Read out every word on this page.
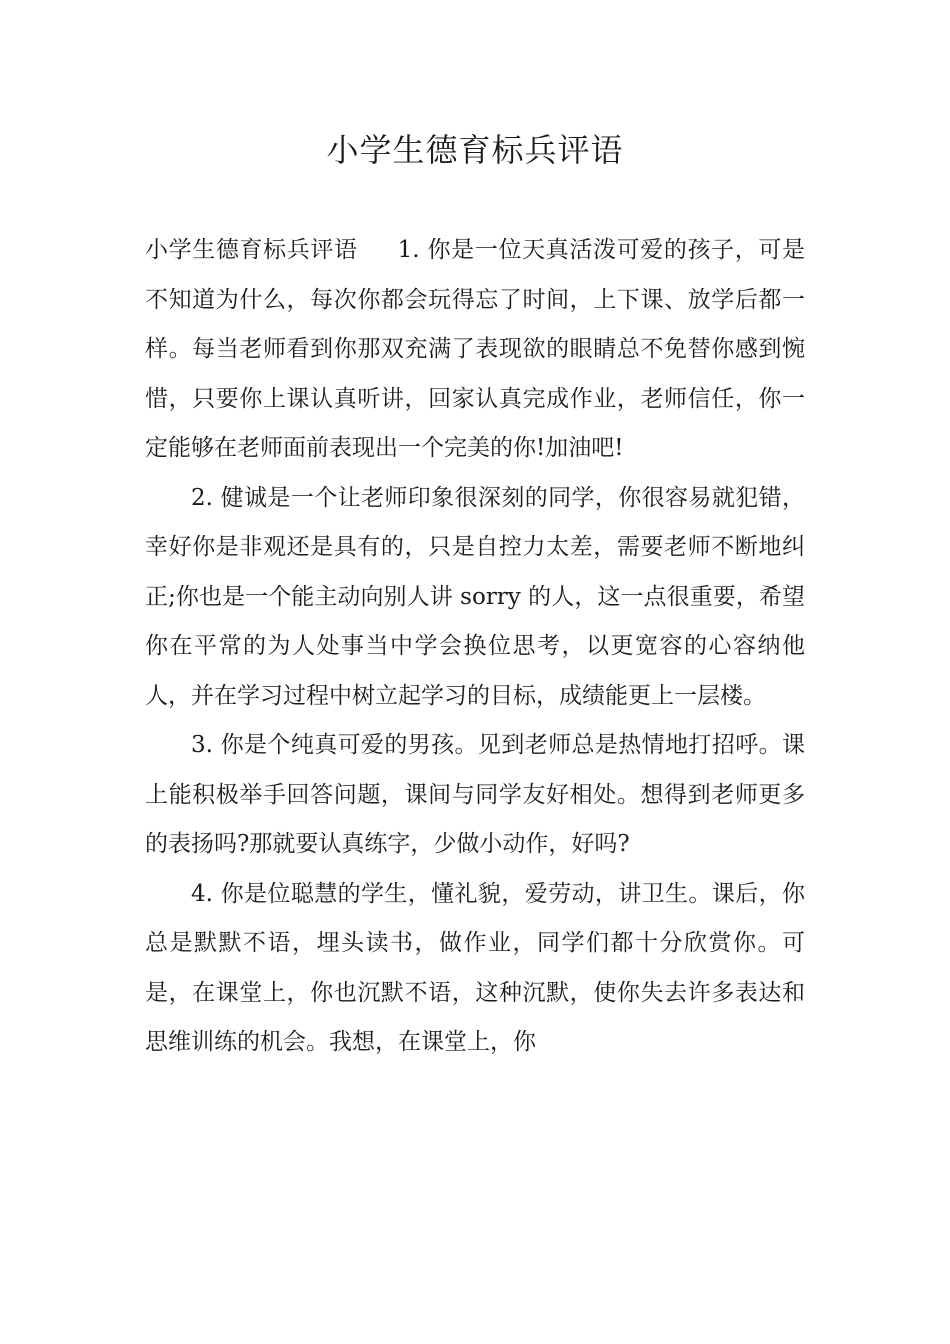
小学生德育标兵评语

小学生德育标兵评语 1. 你是一位天真活泼可爱的孩子，可是不知道为什么，每次你都会玩得忘了时间，上下课、放学后都一样。每当老师看到你那双充满了表现欲的眼睛总不免替你感到惋惜，只要你上课认真听讲，回家认真完成作业，老师信任，你一定能够在老师面前表现出一个完美的你!加油吧!

2. 健诚是一个让老师印象很深刻的同学，你很容易就犯错，幸好你是非观还是具有的，只是自控力太差，需要老师不断地纠正;你也是一个能主动向别人讲 sorry 的人，这一点很重要，希望你在平常的为人处事当中学会换位思考，以更宽容的心容纳他人，并在学习过程中树立起学习的目标，成绩能更上一层楼。

3. 你是个纯真可爱的男孩。见到老师总是热情地打招呼。课上能积极举手回答问题，课间与同学友好相处。想得到老师更多的表扬吗?那就要认真练字，少做小动作，好吗?

4. 你是位聪慧的学生，懂礼貌，爱劳动，讲卫生。课后，你总是默默不语，埋头读书，做作业，同学们都十分欣赏你。可是，在课堂上，你也沉默不语，这种沉默，使你失去许多表达和思维训练的机会。我想，在课堂上，你
